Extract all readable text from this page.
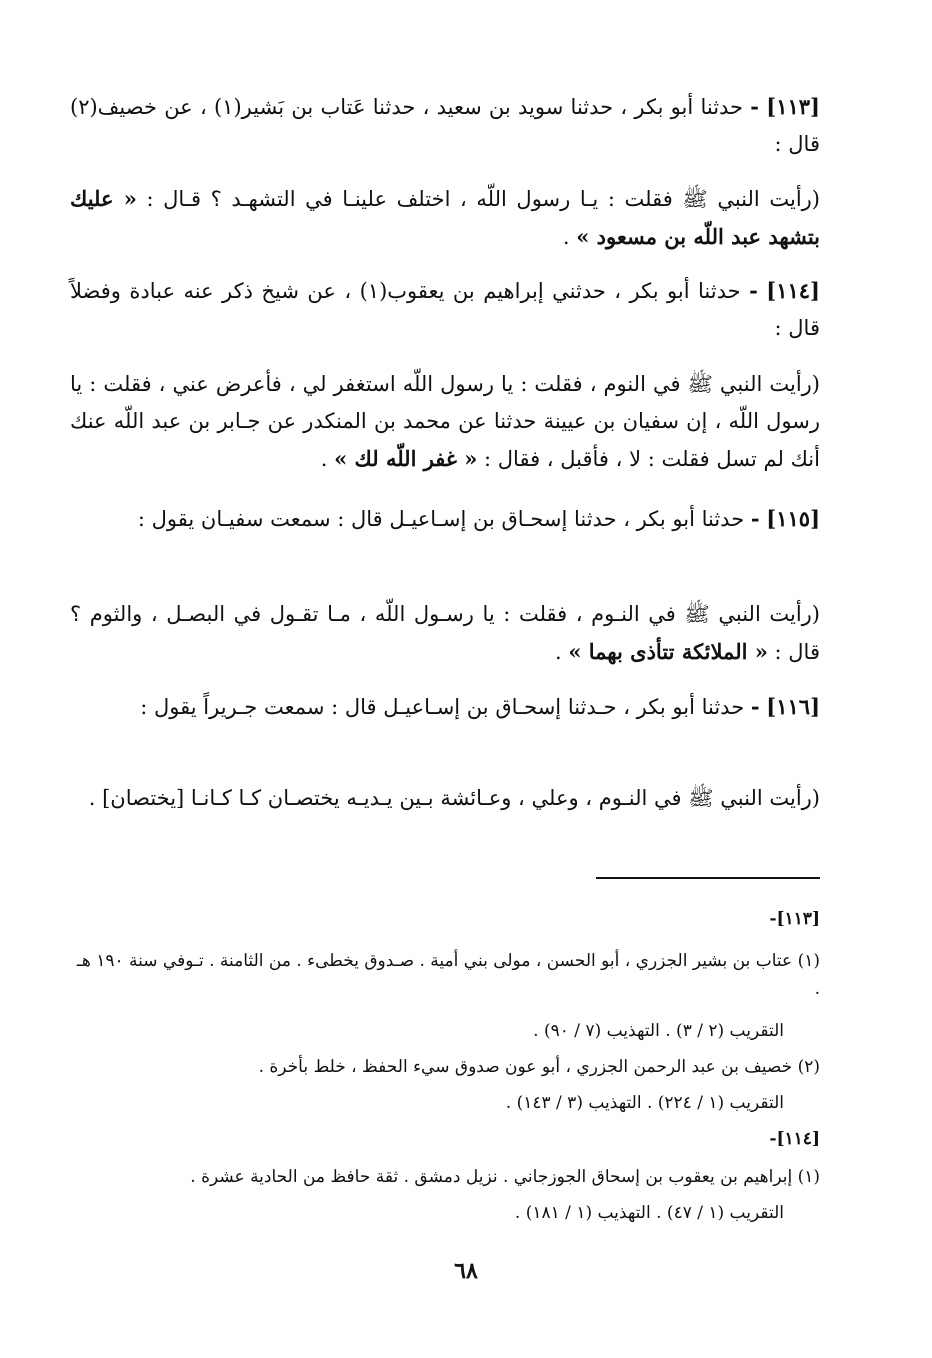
[١١٣] - حدثنا أبو بكر ، حدثنا سويد بن سعيد ، حدثنا عَتاب بن بَشير(١) ، عن خصيف(٢) قال :
(رأيت النبي ﷺ فقلت : يـا رسول اللّه ، اختلف علينـا في التشهـد ؟ قـال : « عليك بتشهد عبد اللّه بن مسعود » .
[١١٤] - حدثنا أبو بكر ، حدثني إبراهيم بن يعقوب(١) ، عن شيخ ذكر عنه عبادة وفضلاً قال :
(رأيت النبي ﷺ في النوم ، فقلت : يا رسول اللّه استغفر لي ، فأعرض عني ، فقلت : يا رسول اللّه ، إن سفيان بن عيينة حدثنا عن محمد بن المنكدر عن جـابر بن عبد اللّه عنك أنك لم تسل فقلت : لا ، فأقبل ، فقال : « غفر اللّه لك » .
[١١٥] - حدثنا أبو بكر ، حدثنا إسحـاق بن إسـاعيـل قال : سمعت سفيـان يقول :
(رأيت النبي ﷺ في النـوم ، فقلت : يا رسـول اللّه ، مـا تقـول في البصـل ، والثوم ؟ قال : « الملائكة تتأذى بهما » .
[١١٦] - حدثنا أبو بكر ، حـدثنا إسحـاق بن إسـاعيـل قال : سمعت جـريراً يقول :
(رأيت النبي ﷺ في النـوم ، وعلي ، وعـائشة بـين يـديـه يختصـان كـا كـانـا [يختصان] .
[١١٣]-
(١) عتاب بن بشير الجزري ، أبو الحسن ، مولى بني أمية . صـدوق يخطىء . من الثامنة . تـوفي سنة ١٩٠ هـ .
التقريب (٢ / ٣) . التهذيب (٧ / ٩٠) .
(٢) خصيف بن عبد الرحمن الجزري ، أبو عون صدوق سيء الحفظ ، خلط بأخرة .
التقريب (١ / ٢٢٤) . التهذيب (٣ / ١٤٣) .
[١١٤]-
(١) إبراهيم بن يعقوب بن إسحاق الجوزجاني . نزيل دمشق . ثقة حافظ من الحادية عشرة .
التقريب (١ / ٤٧) . التهذيب (١ / ١٨١) .
٦٨
